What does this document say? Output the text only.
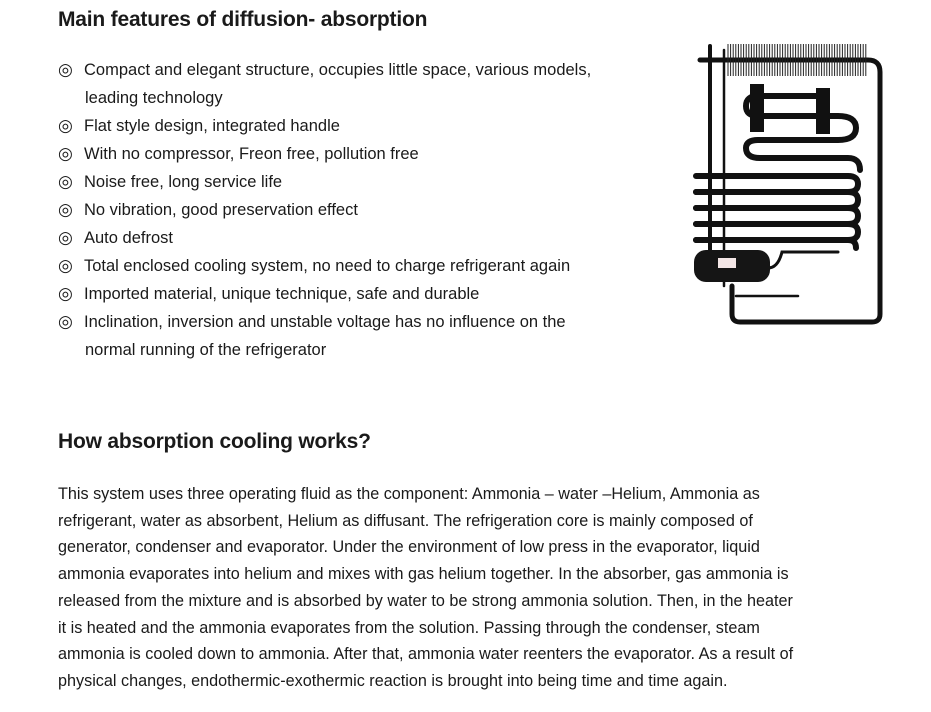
Main features of diffusion- absorption
◎ Compact and elegant structure, occupies little space, various models,
leading technology
◎ Flat style design, integrated handle
◎ With no compressor, Freon free, pollution free
◎ Noise free, long service life
◎ No vibration, good preservation effect
◎ Auto defrost
◎ Total enclosed cooling system, no need to charge refrigerant again
◎ Imported material, unique technique, safe and durable
◎ Inclination, inversion and unstable voltage has no influence on the
normal running of the refrigerator
How absorption cooling works?
This system uses three operating fluid as the component: Ammonia – water –Helium, Ammonia as
refrigerant, water as absorbent, Helium as diffusant. The refrigeration core is mainly composed of
generator, condenser and evaporator. Under the environment of low press in the evaporator, liquid
ammonia evaporates into helium and mixes with gas helium together. In the absorber, gas ammonia is
released from the mixture and is absorbed by water to be strong ammonia solution. Then, in the heater
it is heated and the ammonia evaporates from the solution. Passing through the condenser, steam
ammonia is cooled down to ammonia. After that, ammonia water reenters the evaporator. As a result of
physical changes, endothermic-exothermic reaction is brought into being time and time again.
